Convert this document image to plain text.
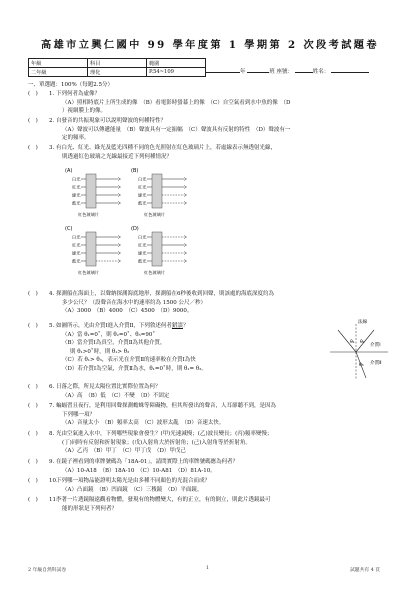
高雄市立興仁國中 99 學年度第 1 學期第 2 次段考試題卷
年級	科目	範圍
二年級	理化	P.54~109	年	班 座號：	姓名：
一、單選題：100%（每題2.5分）
(　) 1. 下列何者為虛像？
（A）照相時底片上所生成的像　（B）看電影時螢幕上的像　（C）自空氣看到水中魚的像　（D
）視網膜上的像。
(　) 2. 自發音的共振現象可以說明聲波的何種特性？
（A）聲波可以傳遞能量　（B）聲波具有一定振幅　（C）聲波具有反射的特性　（D）聲波有一
定的頻率。
(　) 3. 有白光、紅光、綠光及藍光四種不同的色光照射在紅色玻璃片上，若虛線表示無透射光線，
則透過紅色玻璃之光線最接近下列何種情況？
(A)
白光
紅光
綠光
藍光
紅色玻璃片
(B)
白光
紅光
綠光
藍光
紅色玻璃片
(C)
白光
紅光
綠光
藍光
紅色玻璃片
(D)
白光
紅光
綠光
藍光
紅色玻璃片
(　) 4. 探測船在海面上，以聲納探測海底地形，探測船在6秒後收到回聲，則該處的海底深度約為
多少公尺？（設聲音在海水中的速率約為 1500 公尺／秒）
（A）3000　（B）4000　（C）4500　（D）9000。
(　) 5. 如圖所示，光由介質Ⅰ進入介質Ⅱ，下列敘述何者錯誤？
（A）當 θ₁=0˚，則 θ₂=0˚、θ₃=90˚
（B）當介質Ⅰ為真空，介質Ⅱ為其他介質，
則 θ₁>0˚時，則 θ₁> θ₃
（C）若 θ₁> θ₃，表示光在介質Ⅱ的速率較在介質Ⅰ為快
（D）若介質Ⅰ為空氣，介質Ⅱ為水，θ₁=0˚時，則 θ₁= θ₃。
法線
介質Ⅰ
介質Ⅱ
θ₁ θ₂
θ₃
(　) 6. 日落之際，所見太陽位置比實際位置為何？
（A）高　（B）低　（C）不變　（D）不固定
(　) 7. 蝙蝠習且夜行，是利用回聲探測蟾蛛等障礙物，但其所發出的聲音，人耳卻聽不到，是因為
下列哪一項？
（A）音量太小　（B）頻率太高　（C）波形太亂　（D）音速太快。
(　) 8. 光由空氣進入水中，下列哪些現象會發生？(甲)光速減慢；(乙)波長變長；(丙)頻率變慢；
(丁)同時有反射和折射現象；(戊)入射角大於折射角；(己)入射角等於折射角。
（A）乙丙　（B）甲丁　（C）甲丁戊　（D）甲戊己
(　) 9. 在鏡子裡看到的車牌號碼為「18A-01」，請問實際上的車牌號碼應為何者？
（A）10-A18　（B）18A-10　（C）10-A81　（D）81A-10。
(　) 10.
下列哪一項物品能證明太陽光是由多種不同顏色的光混合而成？
（A）凸面鏡　（B）凹面鏡　（C）三稜鏡　（D）平面鏡。
(　) 11.
李著一片透鏡隔遠觀看物體，發現有的物體變大，有的正立，有的倒立，則此片透鏡最可
能的形狀是下列何者？
2 年級自然科試卷	1	試題共有 4 頁
